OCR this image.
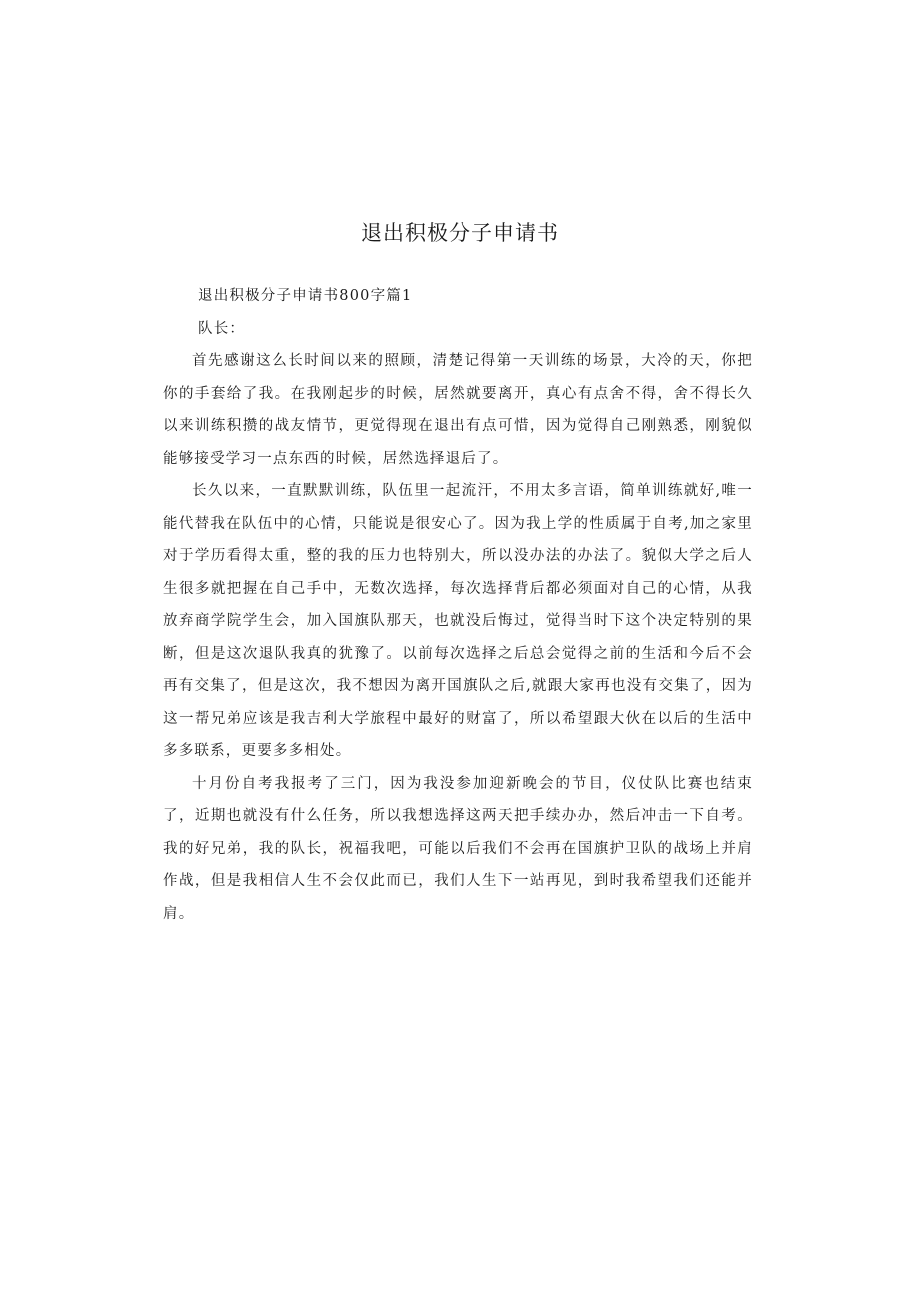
退出积极分子申请书

退出积极分子申请书800字篇1

队长：

首先感谢这么长时间以来的照顾，清楚记得第一天训练的场景，大冷的天，你把你的手套给了我。在我刚起步的时候，居然就要离开，真心有点舍不得，舍不得长久以来训练积攒的战友情节，更觉得现在退出有点可惜，因为觉得自己刚熟悉，刚貌似能够接受学习一点东西的时候，居然选择退后了。

长久以来，一直默默训练，队伍里一起流汗，不用太多言语，简单训练就好,唯一能代替我在队伍中的心情，只能说是很安心了。因为我上学的性质属于自考,加之家里对于学历看得太重，整的我的压力也特别大，所以没办法的办法了。貌似大学之后人生很多就把握在自己手中，无数次选择，每次选择背后都必须面对自己的心情，从我放弃商学院学生会，加入国旗队那天，也就没后悔过，觉得当时下这个决定特别的果断，但是这次退队我真的犹豫了。以前每次选择之后总会觉得之前的生活和今后不会再有交集了，但是这次，我不想因为离开国旗队之后,就跟大家再也没有交集了，因为这一帮兄弟应该是我吉利大学旅程中最好的财富了，所以希望跟大伙在以后的生活中多多联系，更要多多相处。

十月份自考我报考了三门，因为我没参加迎新晚会的节目，仪仗队比赛也结束了，近期也就没有什么任务，所以我想选择这两天把手续办办，然后冲击一下自考。我的好兄弟，我的队长，祝福我吧，可能以后我们不会再在国旗护卫队的战场上并肩作战，但是我相信人生不会仅此而已，我们人生下一站再见，到时我希望我们还能并肩。
